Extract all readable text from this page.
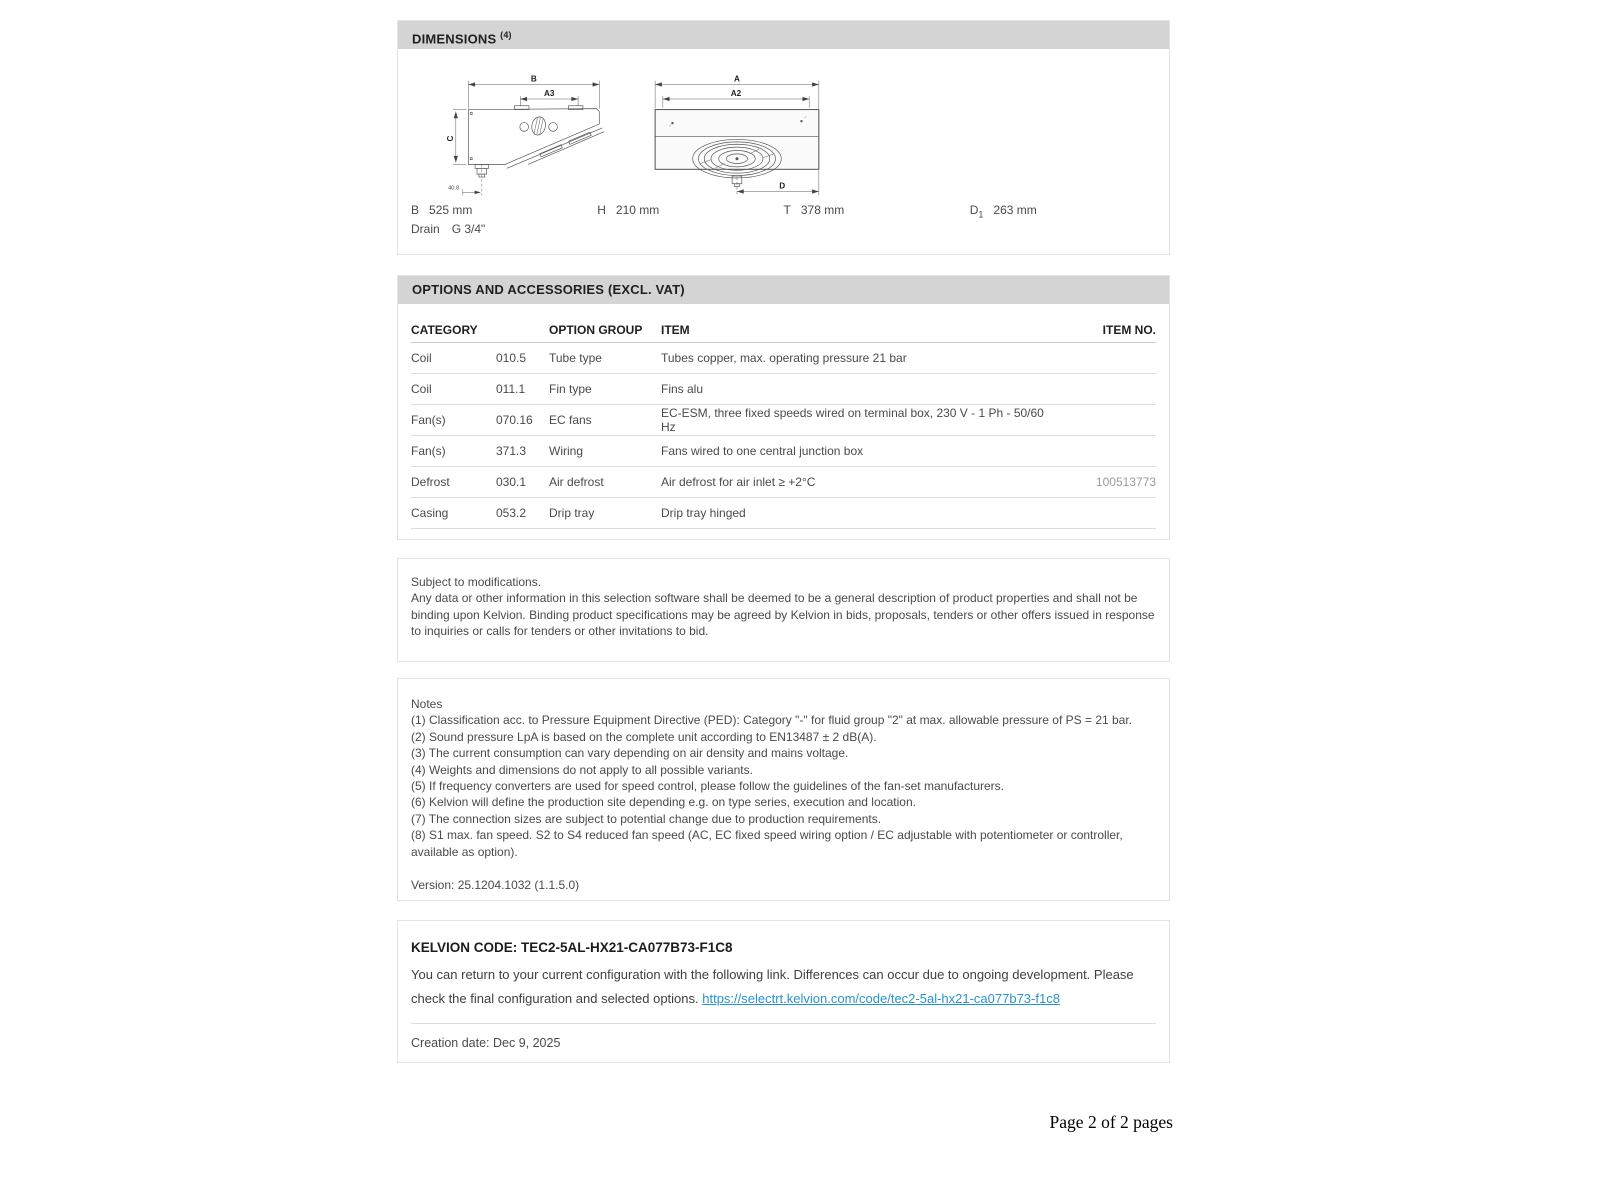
DIMENSIONS $^{(4)}$
B
A3
C
40.8
A
A2
D
B 525 mm	H 210 mm	T 378 mm	$D_1$ 263 mm
Drain G 3/4"
OPTIONS AND ACCESSORIES (EXCL. VAT)
CATEGORY	OPTION GROUP	ITEM	ITEM NO.
Coil	010.5	Tube type	Tubes copper, max. operating pressure 21 bar
Coil	011.1	Fin type	Fins alu
Fan(s)	070.16	EC fans	EC-ESM, three fixed speeds wired on terminal box, 230 V - 1 Ph - 50/60 Hz
Fan(s)	371.3	Wiring	Fans wired to one central junction box
Defrost	030.1	Air defrost	Air defrost for air inlet ≥ +2°C	100513773
Casing	053.2	Drip tray	Drip tray hinged
Subject to modifications.
Any data or other information in this selection software shall be deemed to be a general description of product properties and shall not be binding upon Kelvion. Binding product specifications may be agreed by Kelvion in bids, proposals, tenders or other offers issued in response to inquiries or calls for tenders or other invitations to bid.
Notes
(1) Classification acc. to Pressure Equipment Directive (PED): Category "-" for fluid group "2" at max. allowable pressure of PS = 21 bar.
(2) Sound pressure LpA is based on the complete unit according to EN13487 ± 2 dB(A).
(3) The current consumption can vary depending on air density and mains voltage.
(4) Weights and dimensions do not apply to all possible variants.
(5) If frequency converters are used for speed control, please follow the guidelines of the fan-set manufacturers.
(6) Kelvion will define the production site depending e.g. on type series, execution and location.
(7) The connection sizes are subject to potential change due to production requirements.
(8) S1 max. fan speed. S2 to S4 reduced fan speed (AC, EC fixed speed wiring option / EC adjustable with potentiometer or controller, available as option).
Version: 25.1204.1032 (1.1.5.0)
KELVION CODE: TEC2-5AL-HX21-CA077B73-F1C8
You can return to your current configuration with the following link. Differences can occur due to ongoing development. Please check the final configuration and selected options. https://selectrt.kelvion.com/code/tec2-5al-hx21-ca077b73-f1c8
Creation date: Dec 9, 2025
Page 2 of 2 pages
